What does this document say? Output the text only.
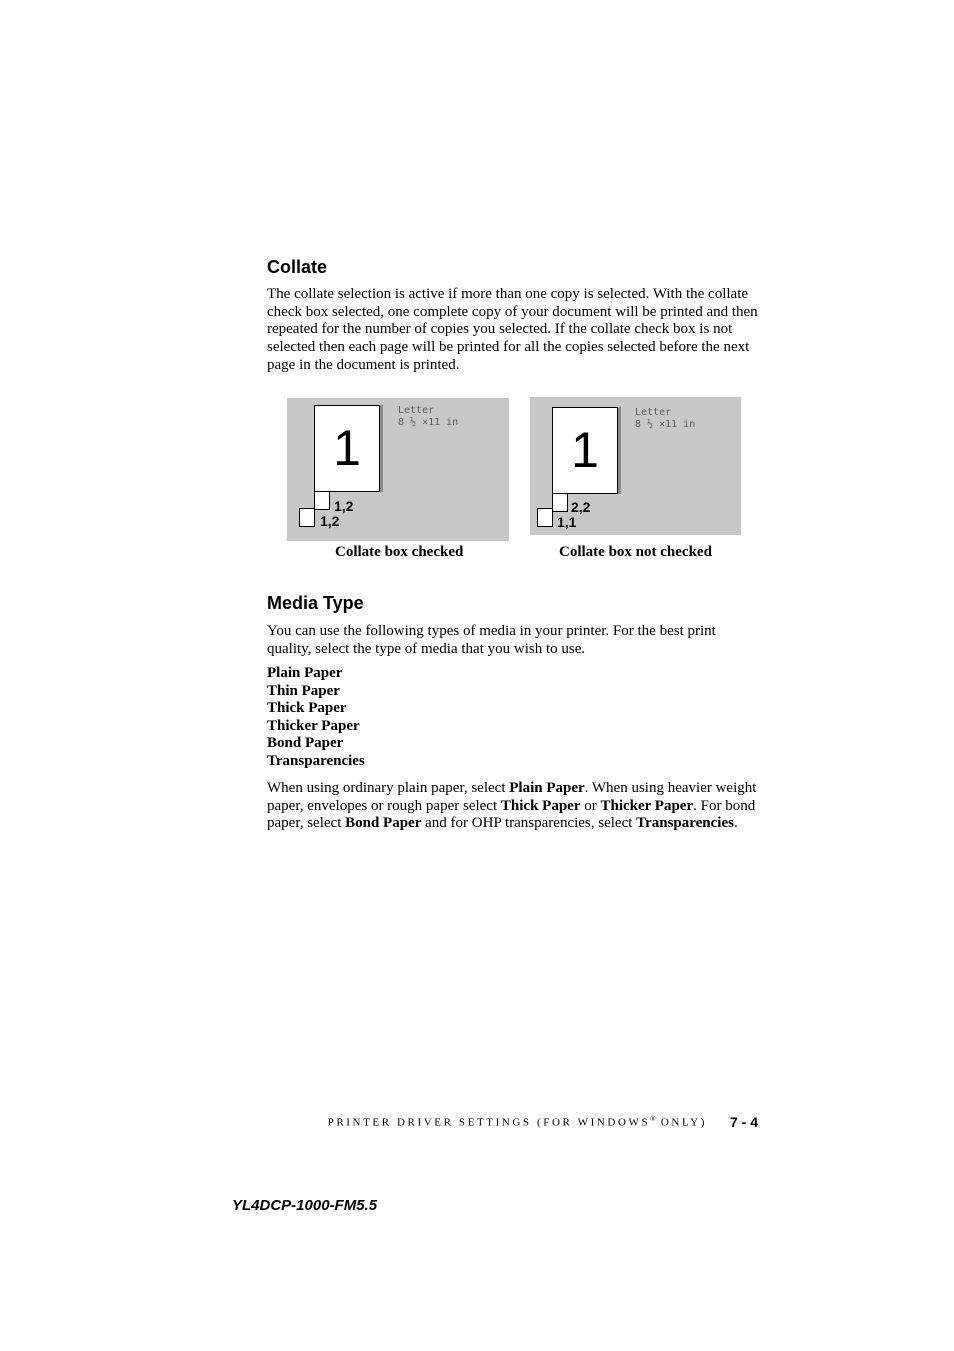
Collate

The collate selection is active if more than one copy is selected. With the collate check box selected, one complete copy of your document will be printed and then repeated for the number of copies you selected. If the collate check box is not selected then each page will be printed for all the copies selected before the next page in the document is printed.

1
Letter
8 ½ ×11 in
1,2
1,2
1
Letter
8 ½ ×11 in
2,2
1,1
Collate box checked	Collate box not checked
Media Type

You can use the following types of media in your printer. For the best print quality, select the type of media that you wish to use.

Plain Paper
Thin Paper
Thick Paper
Thicker Paper
Bond Paper
Transparencies

When using ordinary plain paper, select Plain Paper. When using heavier weight paper, envelopes or rough paper select Thick Paper or Thicker Paper. For bond paper, select Bond Paper and for OHP transparencies, select Transparencies.

PRINTER DRIVER SETTINGS (FOR WINDOWS® ONLY) 7 - 4
YL4DCP-1000-FM5.5
